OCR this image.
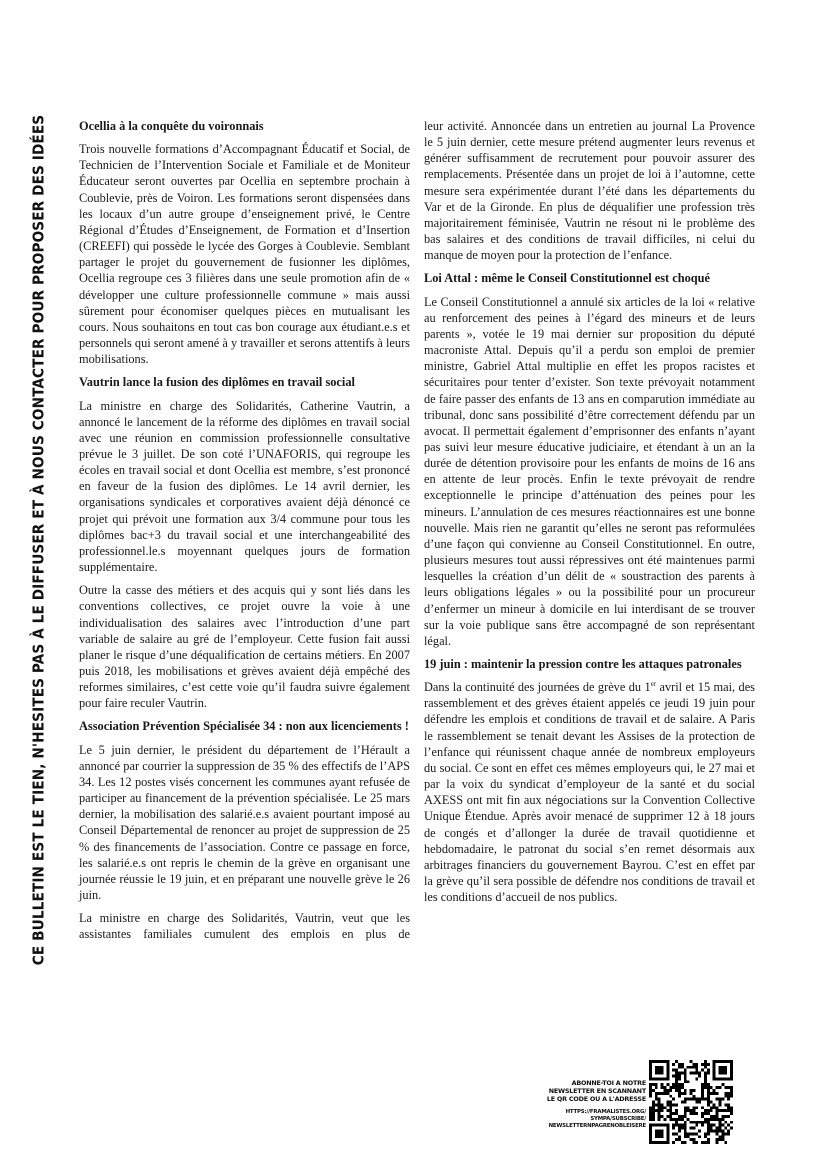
CE BULLETIN EST LE TIEN, N'HESITES PAS À LE DIFFUSER ET À NOUS CONTACTER POUR PROPOSER DES IDÉES	Ocellia à la conquête du voironnais

Trois nouvelle formations d’Accompagnant Éducatif et Social, de Technicien de l’Intervention Sociale et Familiale et de Moniteur Éducateur seront ouvertes par Ocellia en septembre prochain à Coublevie, près de Voiron. Les formations seront dispensées dans les locaux d’un autre groupe d’enseignement privé, le Centre Régional d’Études d’Enseignement, de Formation et d’Insertion (CREEFI) qui possède le lycée des Gorges à Coublevie. Semblant partager le projet du gouvernement de fusionner les diplômes, Ocellia regroupe ces 3 filières dans une seule promotion afin de « développer une culture professionnelle commune » mais aussi sûrement pour économiser quelques pièces en mutualisant les cours. Nous souhaitons en tout cas bon courage aux étudiant.e.s et personnels qui seront amené à y travailler et serons attentifs à leurs mobilisations.

Vautrin lance la fusion des diplômes en travail social

La ministre en charge des Solidarités, Catherine Vautrin, a annoncé le lancement de la réforme des diplômes en travail social avec une réunion en commission professionnelle consultative prévue le 3 juillet. De son coté l’UNAFORIS, qui regroupe les écoles en travail social et dont Ocellia est membre, s’est prononcé en faveur de la fusion des diplômes. Le 14 avril dernier, les organisations syndicales et corporatives avaient déjà dénoncé ce projet qui prévoit une formation aux 3/4 commune pour tous les diplômes bac+3 du travail social et une interchangeabilité des professionnel.le.s moyennant quelques jours de formation supplémentaire.

Outre la casse des métiers et des acquis qui y sont liés dans les conventions collectives, ce projet ouvre la voie à une individualisation des salaires avec l’introduction d’une part variable de salaire au gré de l’employeur. Cette fusion fait aussi planer le risque d’une déqualification de certains métiers. En 2007 puis 2018, les mobilisations et grèves avaient déjà empêché des reformes similaires, c’est cette voie qu’il faudra suivre également pour faire reculer Vautrin.

Association Prévention Spécialisée 34 : non aux licenciements !

Le 5 juin dernier, le président du département de l’Hérault a annoncé par courrier la suppression de 35 % des effectifs de l’APS 34. Les 12 postes visés concernent les communes ayant refusée de participer au financement de la prévention spécialisée. Le 25 mars dernier, la mobilisation des salarié.e.s avaient pourtant imposé au Conseil Départemental de renoncer au projet de suppression de 25 % des financements de l’association. Contre ce passage en force, les salarié.e.s ont repris le chemin de la grève en organisant une journée réussie le 19 juin, et en préparant une nouvelle grève le 26 juin.

La ministre en charge des Solidarités, Vautrin, veut que les assistantes familiales cumulent des emplois en plus de

leur activité. Annoncée dans un entretien au journal La Provence le 5 juin dernier, cette mesure prétend augmenter leurs revenus et générer suffisamment de recrutement pour pouvoir assurer des remplacements. Présentée dans un projet de loi à l’automne, cette mesure sera expérimentée durant l’été dans les départements du Var et de la Gironde. En plus de déqualifier une profession très majoritairement féminisée, Vautrin ne résout ni le problème des bas salaires et des conditions de travail difficiles, ni celui du manque de moyen pour la protection de l’enfance.

Loi Attal : même le Conseil Constitutionnel est choqué

Le Conseil Constitutionnel a annulé six articles de la loi « relative au renforcement des peines à l’égard des mineurs et de leurs parents », votée le 19 mai dernier sur proposition du député macroniste Attal. Depuis qu’il a perdu son emploi de premier ministre, Gabriel Attal multiplie en effet les propos racistes et sécuritaires pour tenter d’exister. Son texte prévoyait notamment de faire passer des enfants de 13 ans en comparution immédiate au tribunal, donc sans possibilité d’être correctement défendu par un avocat. Il permettait également d’emprisonner des enfants n’ayant pas suivi leur mesure éducative judiciaire, et étendant à un an la durée de détention provisoire pour les enfants de moins de 16 ans en attente de leur procès. Enfin le texte prévoyait de rendre exceptionnelle le principe d’atténuation des peines pour les mineurs. L’annulation de ces mesures réactionnaires est une bonne nouvelle. Mais rien ne garantit qu’elles ne seront pas reformulées d’une façon qui convienne au Conseil Constitutionnel. En outre, plusieurs mesures tout aussi répressives ont été maintenues parmi lesquelles la création d’un délit de « soustraction des parents à leurs obligations légales » ou la possibilité pour un procureur d’enfermer un mineur à domicile en lui interdisant de se trouver sur la voie publique sans être accompagné de son représentant légal.

19 juin : maintenir la pression contre les attaques patronales

Dans la continuité des journées de grève du 1er avril et 15 mai, des rassemblement et des grèves étaient appelés ce jeudi 19 juin pour défendre les emplois et conditions de travail et de salaire. A Paris le rassemblement se tenait devant les Assises de la protection de l’enfance qui réunissent chaque année de nombreux employeurs du social. Ce sont en effet ces mêmes employeurs qui, le 27 mai et par la voix du syndicat d’employeur de la santé et du social AXESS ont mit fin aux négociations sur la Convention Collective Unique Étendue. Après avoir menacé de supprimer 12 à 18 jours de congés et d’allonger la durée de travail quotidienne et hebdomadaire, le patronat du social s’en remet désormais aux arbitrages financiers du gouvernement Bayrou. C’est en effet par la grève qu’il sera possible de défendre nos conditions de travail et les conditions d’accueil de nos publics.

ABONNE-TOI A NOTRE
NEWSLETTER EN SCANNANT
LE QR CODE OU A L'ADRESSE
HTTPS://FRAMALISTES.ORG/
SYMPA/SUBSCRIBE/
NEWSLETTERNPAGRENOBLEISERE
